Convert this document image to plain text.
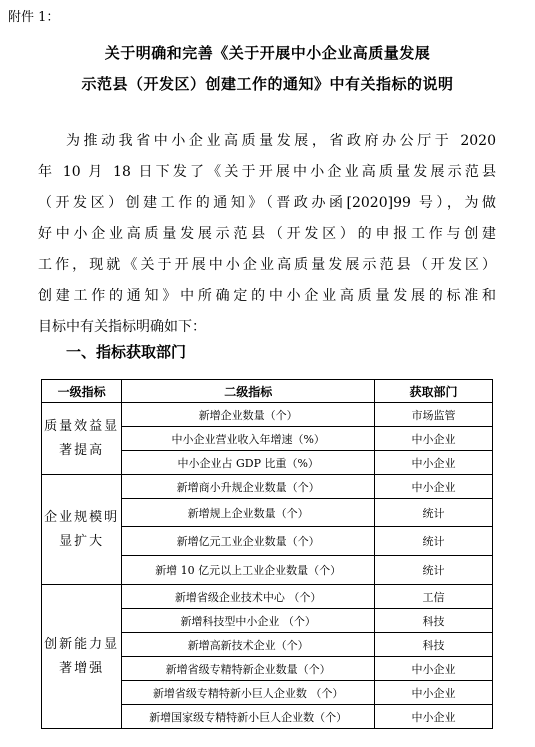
附件 1：
关于明确和完善《关于开展中小企业高质量发展
示范县（开发区）创建工作的通知》中有关指标的说明
为推动我省中小企业高质量发展，省政府办公厅于 2020
年 10 月 18 日下发了《关于开展中小企业高质量发展示范县
（开发区）创建工作的通知》（晋政办函[2020]99 号），为做
好中小企业高质量发展示范县（开发区）的申报工作与创建
工作，现就《关于开展中小企业高质量发展示范县（开发区）
创建工作的通知》中所确定的中小企业高质量发展的标准和
目标中有关指标明确如下：
一、指标获取部门
一级指标	二级指标	获取部门
质量效益显著提高	新增企业数量（个）	市场监管
	中小企业营业收入年增速（%）	中小企业
	中小企业占 GDP 比重（%）	中小企业
企业规模明显扩大	新增商小升规企业数量（个）	中小企业
	新增规上企业数量（个）	统计
	新增亿元工业企业数量（个）	统计
	新增 10 亿元以上工业企业数量（个）	统计
创新能力显著增强	新增省级企业技术中心 （个）	工信
	新增科技型中小企业 （个）	科技
	新增高新技术企业（个）	科技
	新增省级专精特新企业数量（个）	中小企业
	新增省级专精特新小巨人企业数 （个）	中小企业
	新增国家级专精特新小巨人企业数（个）	中小企业
